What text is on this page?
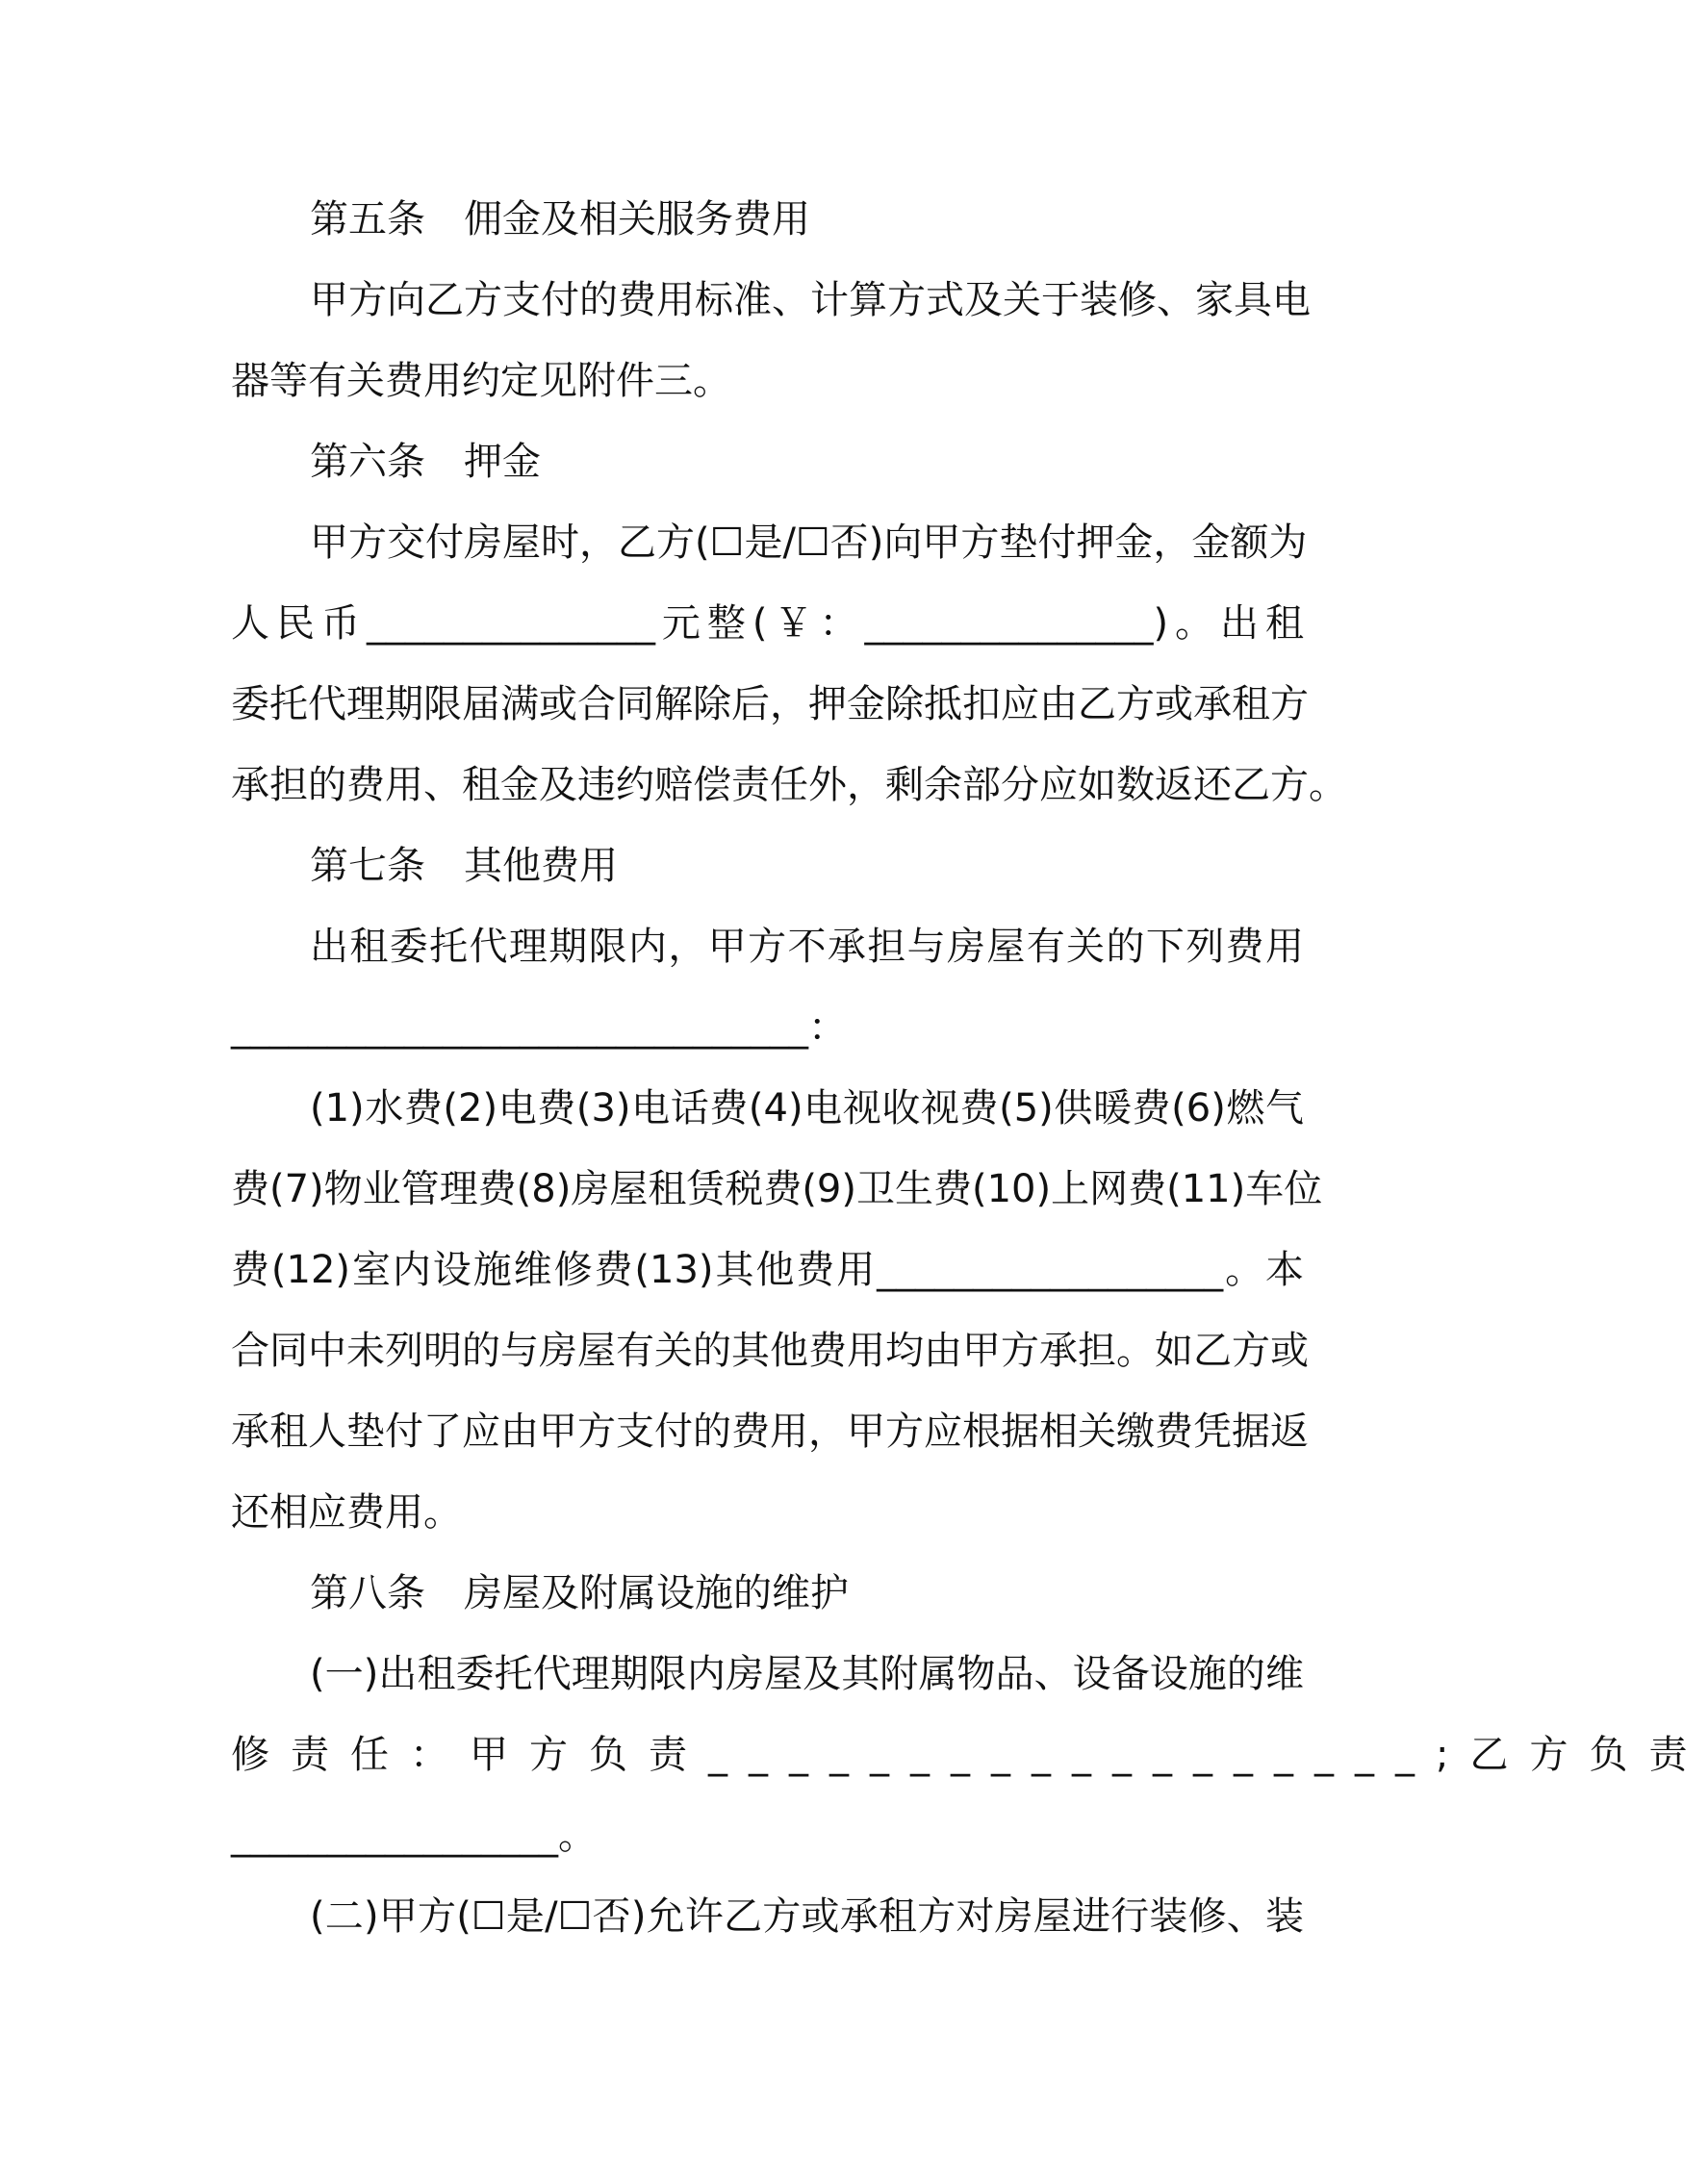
第五条　佣金及相关服务费用
甲方向乙方支付的费用标准、计算方式及关于装修、家具电
器等有关费用约定见附件三。
第六条　押金
甲方交付房屋时，乙方(☐是/☐否)向甲方垫付押金，金额为
人民币_______________元整(￥：_______________)。出租
委托代理期限届满或合同解除后，押金除抵扣应由乙方或承租方
承担的费用、租金及违约赔偿责任外，剩余部分应如数返还乙方。
第七条　其他费用
出租委托代理期限内，甲方不承担与房屋有关的下列费用
______________________________：
(1)水费(2)电费(3)电话费(4)电视收视费(5)供暖费(6)燃气
费(7)物业管理费(8)房屋租赁税费(9)卫生费(10)上网费(11)车位
费(12)室内设施维修费(13)其他费用__________________。本
合同中未列明的与房屋有关的其他费用均由甲方承担。如乙方或
承租人垫付了应由甲方支付的费用，甲方应根据相关缴费凭据返
还相应费用。
第八条　房屋及附属设施的维护
(一)出租委托代理期限内房屋及其附属物品、设备设施的维
修责任：甲方负责__________________;乙方负责
_________________。
(二)甲方(☐是/☐否)允许乙方或承租方对房屋进行装修、装
